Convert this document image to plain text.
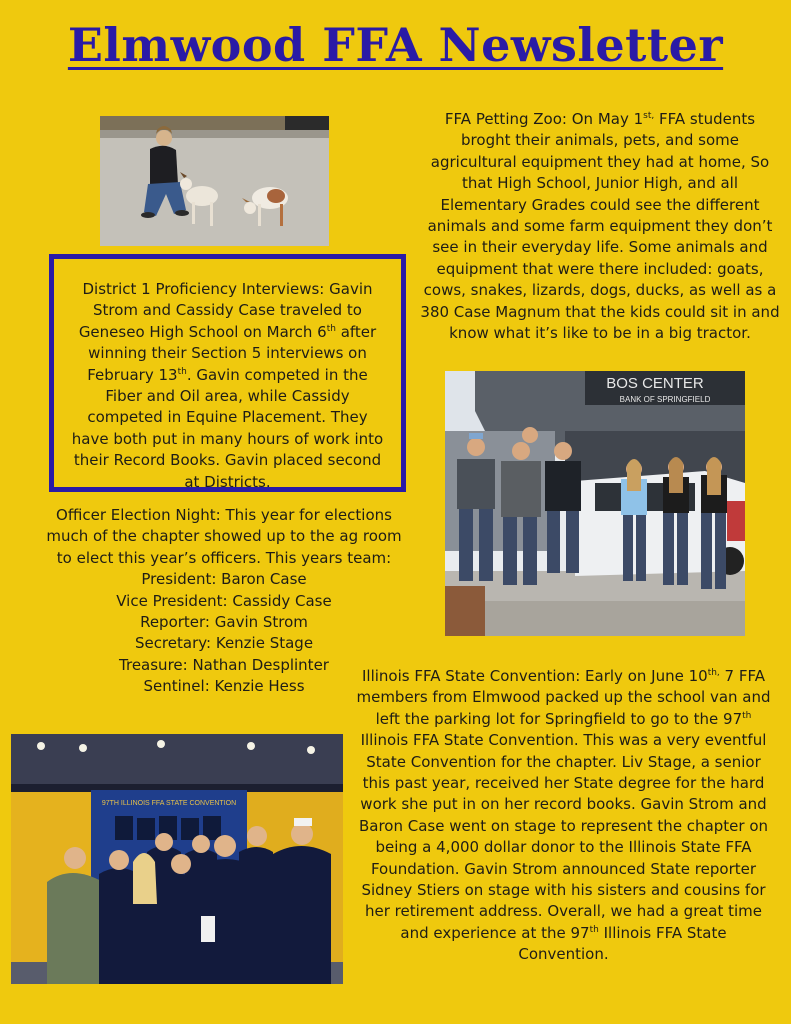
Elmwood FFA Newsletter

FFA Petting Zoo: On May $1^{st,}$ FFA students broght their animals, pets, and some agricultural equipment they had at home, So that High School, Junior High, and all Elementary Grades could see the different animals and some farm equipment they don’t see in their everyday life. Some animals and equipment that were there included: goats, cows, snakes, lizards, dogs, ducks, as well as a 380 Case Magnum that the kids could sit in and know what it’s like to be in a big tractor.

District 1 Proficiency Interviews: Gavin Strom and Cassidy Case traveled to Geneseo High School on March 6th after winning their Section 5 interviews on February 13th. Gavin competed in the Fiber and Oil area, while Cassidy competed in Equine Placement. They have both put in many hours of work into their Record Books. Gavin placed second at Districts.

Officer Election Night: This year for elections much of the chapter showed up to the ag room to elect this year’s officers. This years team:

President: Baron Case

Vice President: Cassidy Case

Reporter: Gavin Strom

Secretary: Kenzie Stage

Treasure: Nathan Desplinter

Sentinel: Kenzie Hess

BOS CENTER
BANK OF SPRINGFIELD

Illinois FFA State Convention: Early on June $10^{th,}$ 7 FFA members from Elmwood packed up the school van and left the parking lot for Springfield to go to the 97th Illinois FFA State Convention. This was a very eventful State Convention for the chapter. Liv Stage, a senior this past year, received her State degree for the hard work she put in on her record books. Gavin Strom and Baron Case went on stage to represent the chapter on being a 4,000 dollar donor to the Illinois State FFA Foundation. Gavin Strom announced State reporter Sidney Stiers on stage with his sisters and cousins for her retirement address. Overall, we had a great time and experience at the 97th Illinois FFA State Convention.

97TH ILLINOIS FFA STATE CONVENTION
